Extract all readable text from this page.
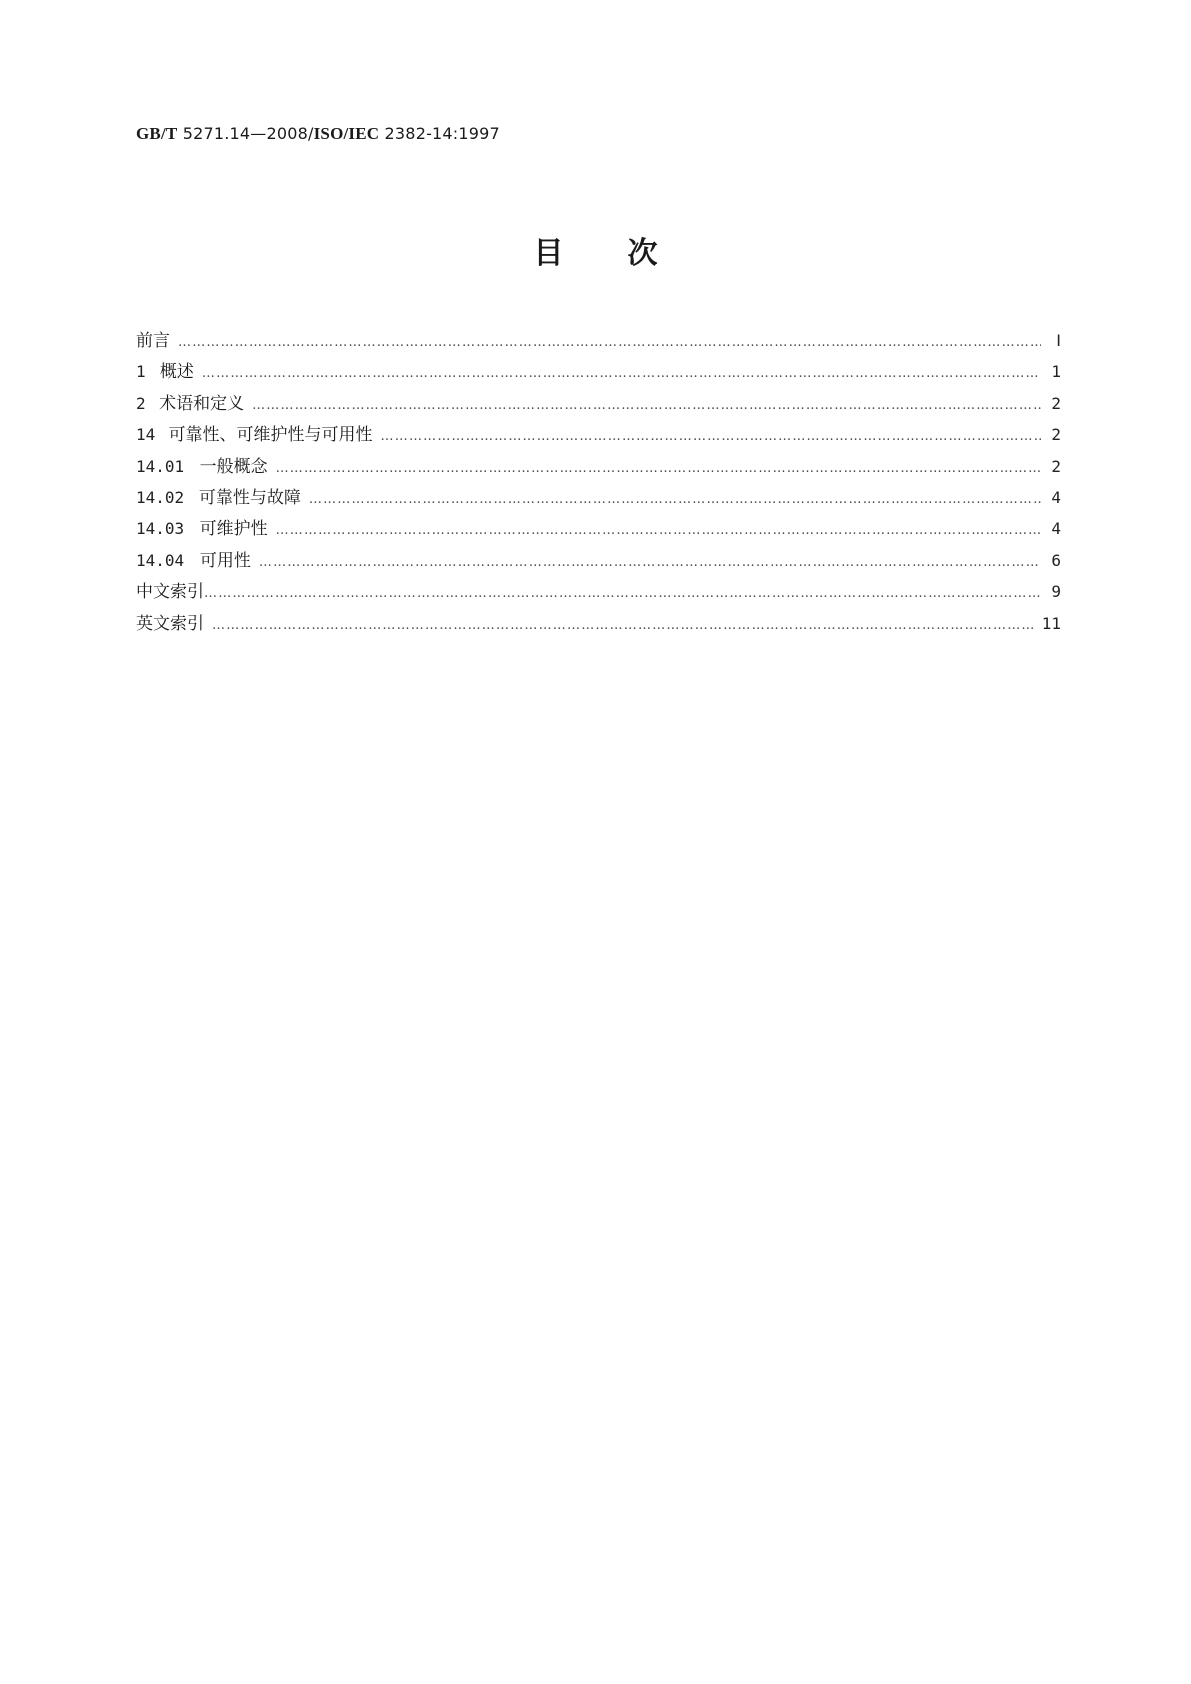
GB/T 5271.14—2008/ISO/IEC 2382-14:1997
目 次
前言 …………………………………………………………………………………………………………………………………………………………………………………………………………………………………………………	Ⅰ
1 概述 …………………………………………………………………………………………………………………………………………………………………………………………………………………………………………………	1
2 术语和定义 …………………………………………………………………………………………………………………………………………………………………………………………………………………………………………………	2
14 可靠性、可维护性与可用性 …………………………………………………………………………………………………………………………………………………………………………………………………………………………………………………	2
14.01 一般概念 …………………………………………………………………………………………………………………………………………………………………………………………………………………………………………………	2
14.02 可靠性与故障 …………………………………………………………………………………………………………………………………………………………………………………………………………………………………………………	4
14.03 可维护性 …………………………………………………………………………………………………………………………………………………………………………………………………………………………………………………	4
14.04 可用性 …………………………………………………………………………………………………………………………………………………………………………………………………………………………………………………	6
中文索引 …………………………………………………………………………………………………………………………………………………………………………………………………………………………………………………	9
英文索引 …………………………………………………………………………………………………………………………………………………………………………………………………………………………………………………	11
